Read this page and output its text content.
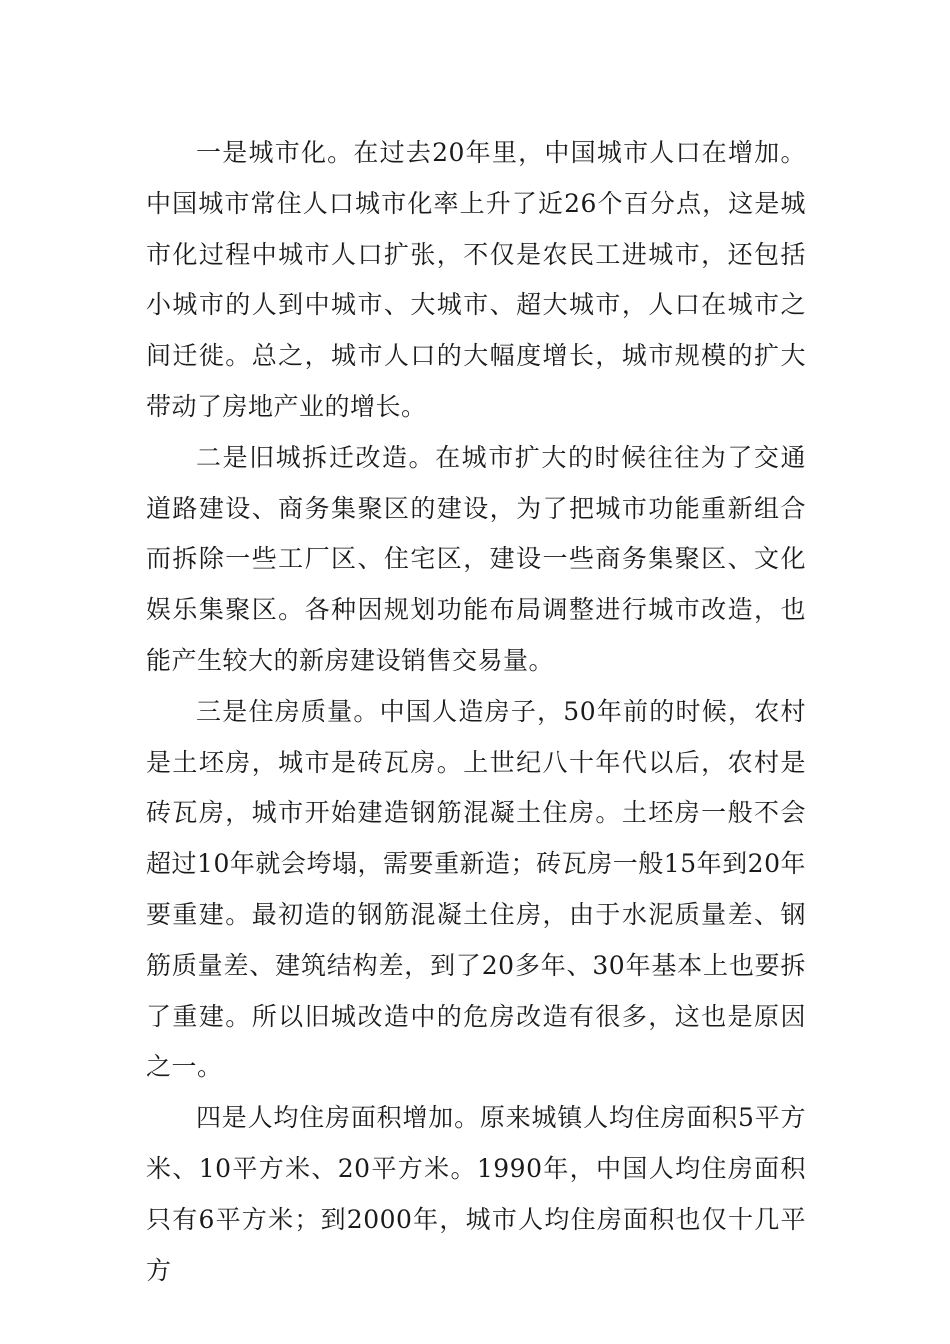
一是城市化。在过去20年里，中国城市人口在增加。中国城市常住人口城市化率上升了近26个百分点，这是城市化过程中城市人口扩张，不仅是农民工进城市，还包括小城市的人到中城市、大城市、超大城市，人口在城市之间迁徙。总之，城市人口的大幅度增长，城市规模的扩大带动了房地产业的增长。

二是旧城拆迁改造。在城市扩大的时候往往为了交通道路建设、商务集聚区的建设，为了把城市功能重新组合而拆除一些工厂区、住宅区，建设一些商务集聚区、文化娱乐集聚区。各种因规划功能布局调整进行城市改造，也能产生较大的新房建设销售交易量。

三是住房质量。中国人造房子，50年前的时候，农村是土坯房，城市是砖瓦房。上世纪八十年代以后，农村是砖瓦房，城市开始建造钢筋混凝土住房。土坯房一般不会超过10年就会垮塌，需要重新造；砖瓦房一般15年到20年要重建。最初造的钢筋混凝土住房，由于水泥质量差、钢筋质量差、建筑结构差，到了20多年、30年基本上也要拆了重建。所以旧城改造中的危房改造有很多，这也是原因之一。

四是人均住房面积增加。原来城镇人均住房面积5平方米、10平方米、20平方米。1990年，中国人均住房面积只有6平方米；到2000年，城市人均住房面积也仅十几平方
